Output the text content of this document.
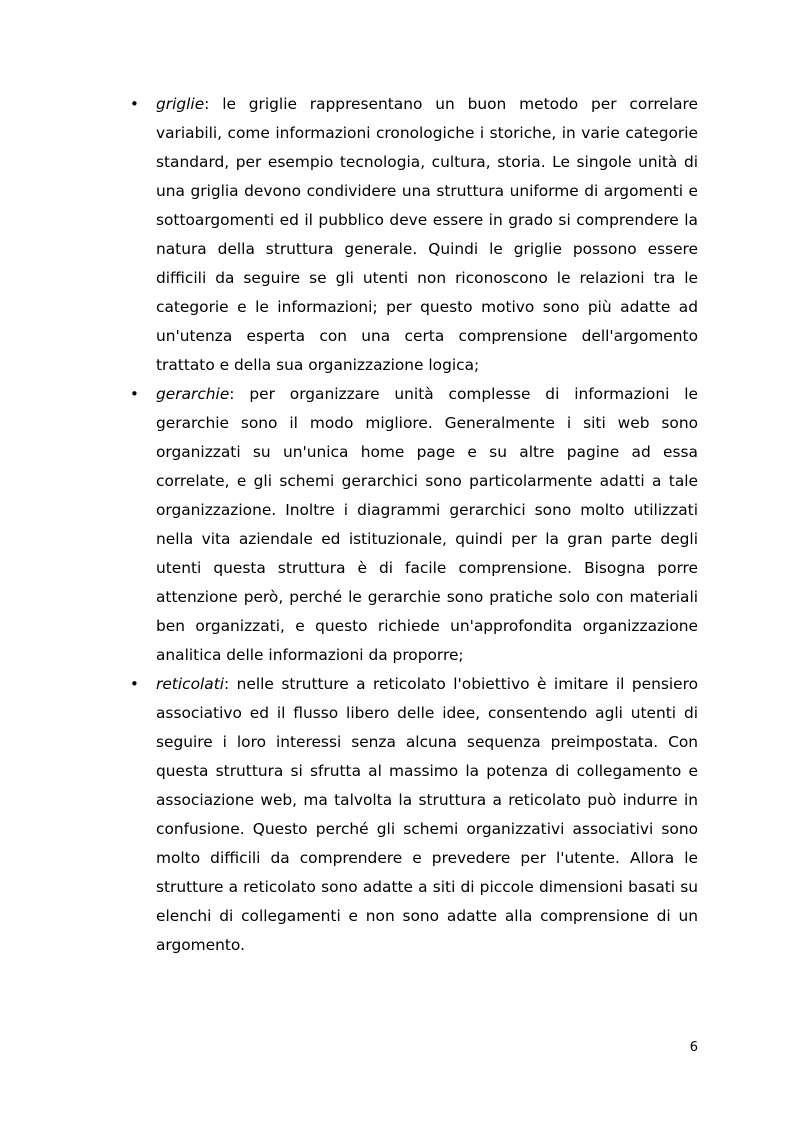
• griglie: le griglie rappresentano un buon metodo per correlare variabili, come informazioni cronologiche i storiche, in varie categorie standard, per esempio tecnologia, cultura, storia. Le singole unità di una griglia devono condividere una struttura uniforme di argomenti e sottoargomenti ed il pubblico deve essere in grado si comprendere la natura della struttura generale. Quindi le griglie possono essere difficili da seguire se gli utenti non riconoscono le relazioni tra le categorie e le informazioni; per questo motivo sono più adatte ad un'utenza esperta con una certa comprensione dell'argomento trattato e della sua organizzazione logica;
• gerarchie: per organizzare unità complesse di informazioni le gerarchie sono il modo migliore. Generalmente i siti web sono organizzati su un'unica home page e su altre pagine ad essa correlate, e gli schemi gerarchici sono particolarmente adatti a tale organizzazione. Inoltre i diagrammi gerarchici sono molto utilizzati nella vita aziendale ed istituzionale, quindi per la gran parte degli utenti questa struttura è di facile comprensione. Bisogna porre attenzione però, perché le gerarchie sono pratiche solo con materiali ben organizzati, e questo richiede un'approfondita organizzazione analitica delle informazioni da proporre;
• reticolati: nelle strutture a reticolato l'obiettivo è imitare il pensiero associativo ed il flusso libero delle idee, consentendo agli utenti di seguire i loro interessi senza alcuna sequenza preimpostata. Con questa struttura si sfrutta al massimo la potenza di collegamento e associazione web, ma talvolta la struttura a reticolato può indurre in confusione. Questo perché gli schemi organizzativi associativi sono molto difficili da comprendere e prevedere per l'utente. Allora le strutture a reticolato sono adatte a siti di piccole dimensioni basati su elenchi di collegamenti e non sono adatte alla comprensione di un argomento.
6
